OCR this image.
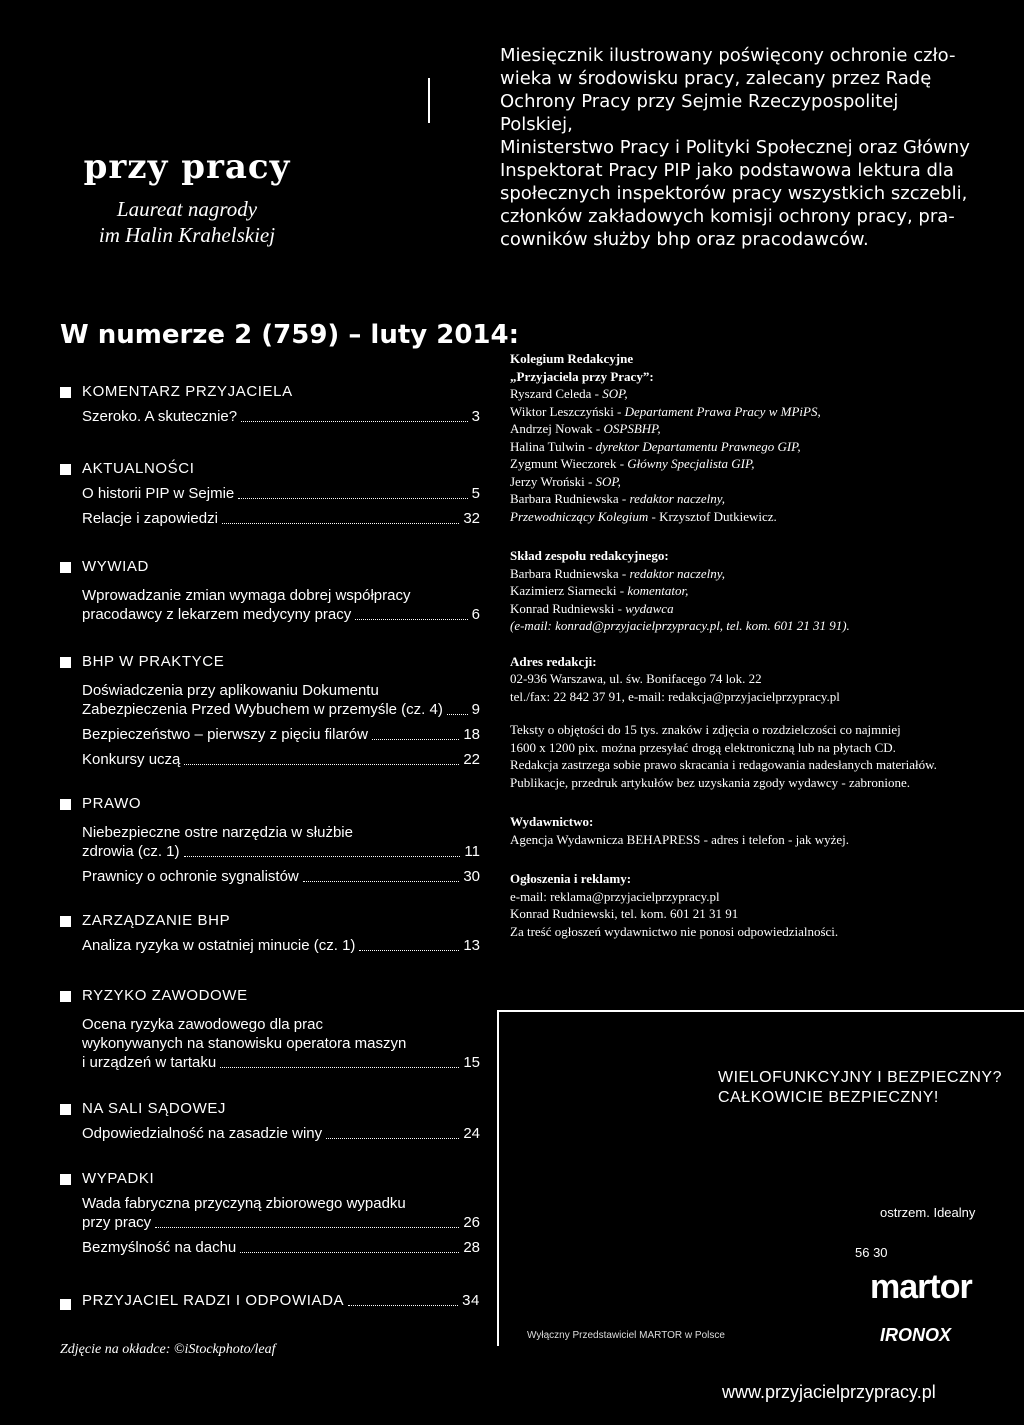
przy pracy
Laureat nagrody
im Halin Krahelskiej
Miesięcznik ilustrowany poświęcony ochronie czło-
wieka w środowisku pracy, zalecany przez Radę
Ochrony Pracy przy Sejmie Rzeczypospolitej Polskiej,
Ministerstwo Pracy i Polityki Społecznej oraz Główny
Inspektorat Pracy PIP jako podstawowa lektura dla
społecznych inspektorów pracy wszystkich szczebli,
członków zakładowych komisji ochrony pracy, pra-
cowników służby bhp oraz pracodawców.
W numerze 2 (759) – luty 2014:
KOMENTARZ PRZYJACIELA
Szeroko. A skutecznie?	3
AKTUALNOŚCI
O historii PIP w Sejmie	5
Relacje i zapowiedzi	32
WYWIAD
Wprowadzanie zmian wymaga dobrej współpracy
pracodawcy z lekarzem medycyny pracy	6
BHP W PRAKTYCE
Doświadczenia przy aplikowaniu Dokumentu
Zabezpieczenia Przed Wybuchem w przemyśle (cz. 4) 9
Bezpieczeństwo – pierwszy z pięciu filarów	18
Konkursy uczą	22
PRAWO
Niebezpieczne ostre narzędzia w służbie
zdrowia (cz. 1)	11
Prawnicy o ochronie sygnalistów	30
ZARZĄDZANIE BHP
Analiza ryzyka w ostatniej minucie (cz. 1)	13
RYZYKO ZAWODOWE
Ocena ryzyka zawodowego dla prac
wykonywanych na stanowisku operatora maszyn
i urządzeń w tartaku	15
NA SALI SĄDOWEJ
Odpowiedzialność na zasadzie winy	24
WYPADKI
Wada fabryczna przyczyną zbiorowego wypadku
przy pracy	26
Bezmyślność na dachu	28
PRZYJACIEL RADZI I ODPOWIADA	34
Kolegium Redakcyjne
„Przyjaciela przy Pracy”:
Ryszard Celeda - SOP,
Wiktor Leszczyński - Departament Prawa Pracy w MPiPS,
Andrzej Nowak - OSPSBHP,
Halina Tulwin - dyrektor Departamentu Prawnego GIP,
Zygmunt Wieczorek - Główny Specjalista GIP,
Jerzy Wroński - SOP,
Barbara Rudniewska - redaktor naczelny,
Przewodniczący Kolegium - Krzysztof Dutkiewicz.
Skład zespołu redakcyjnego:
Barbara Rudniewska - redaktor naczelny,
Kazimierz Siarnecki - komentator,
Konrad Rudniewski - wydawca
(e-mail: konrad@przyjacielprzypracy.pl, tel. kom. 601 21 31 91).
Adres redakcji:
02-936 Warszawa, ul. św. Bonifacego 74 lok. 22
tel./fax: 22 842 37 91, e-mail: redakcja@przyjacielprzypracy.pl
Teksty o objętości do 15 tys. znaków i zdjęcia o rozdzielczości co najmniej
1600 x 1200 pix. można przesyłać drogą elektroniczną lub na płytach CD.
Redakcja zastrzega sobie prawo skracania i redagowania nadesłanych materiałów.
Publikacje, przedruk artykułów bez uzyskania zgody wydawcy - zabronione.
Wydawnictwo:
Agencja Wydawnicza BEHAPRESS - adres i telefon - jak wyżej.
Ogłoszenia i reklamy:
e-mail: reklama@przyjacielprzypracy.pl
Konrad Rudniewski, tel. kom. 601 21 31 91
Za treść ogłoszeń wydawnictwo nie ponosi odpowiedzialności.
WIELOFUNKCYJNY I BEZPIECZNY?
CAŁKOWICIE BEZPIECZNY!
ostrzem. Idealny
56 30
martor
Wyłączny Przedstawiciel MARTOR w Polsce	IRONOX
Zdjęcie na okładce: ©iStockphoto/leaf
www.przyjacielprzypracy.pl
